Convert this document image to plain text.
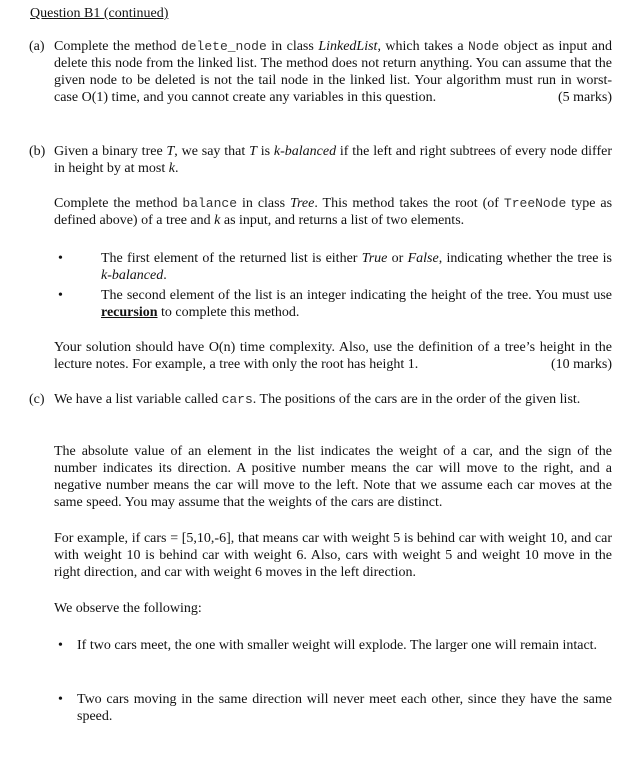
Question B1 (continued)
(a) Complete the method delete_node in class LinkedList, which takes a Node object as input and delete this node from the linked list. The method does not return anything. You can assume that the given node to be deleted is not the tail node in the linked list. Your algorithm must run in worst-case O(1) time, and you cannot create any variables in this question.	(5 marks)
(b) Given a binary tree T, we say that T is k-balanced if the left and right subtrees of every node differ in height by at most k.
Complete the method balance in class Tree. This method takes the root (of TreeNode type as defined above) of a tree and k as input, and returns a list of two elements.
•	The first element of the returned list is either True or False, indicating whether the tree is k-balanced.
•	The second element of the list is an integer indicating the height of the tree. You must use recursion to complete this method.
Your solution should have O(n) time complexity. Also, use the definition of a tree’s height in the lecture notes. For example, a tree with only the root has height 1.	(10 marks)
(c) We have a list variable called cars. The positions of the cars are in the order of the given list.
The absolute value of an element in the list indicates the weight of a car, and the sign of the number indicates its direction. A positive number means the car will move to the right, and a negative number means the car will move to the left. Note that we assume each car moves at the same speed. You may assume that the weights of the cars are distinct.
For example, if cars = [5,10,-6], that means car with weight 5 is behind car with weight 10, and car with weight 10 is behind car with weight 6. Also, cars with weight 5 and weight 10 move in the right direction, and car with weight 6 moves in the left direction.
We observe the following:
• If two cars meet, the one with smaller weight will explode. The larger one will remain intact.
• Two cars moving in the same direction will never meet each other, since they have the same speed.
